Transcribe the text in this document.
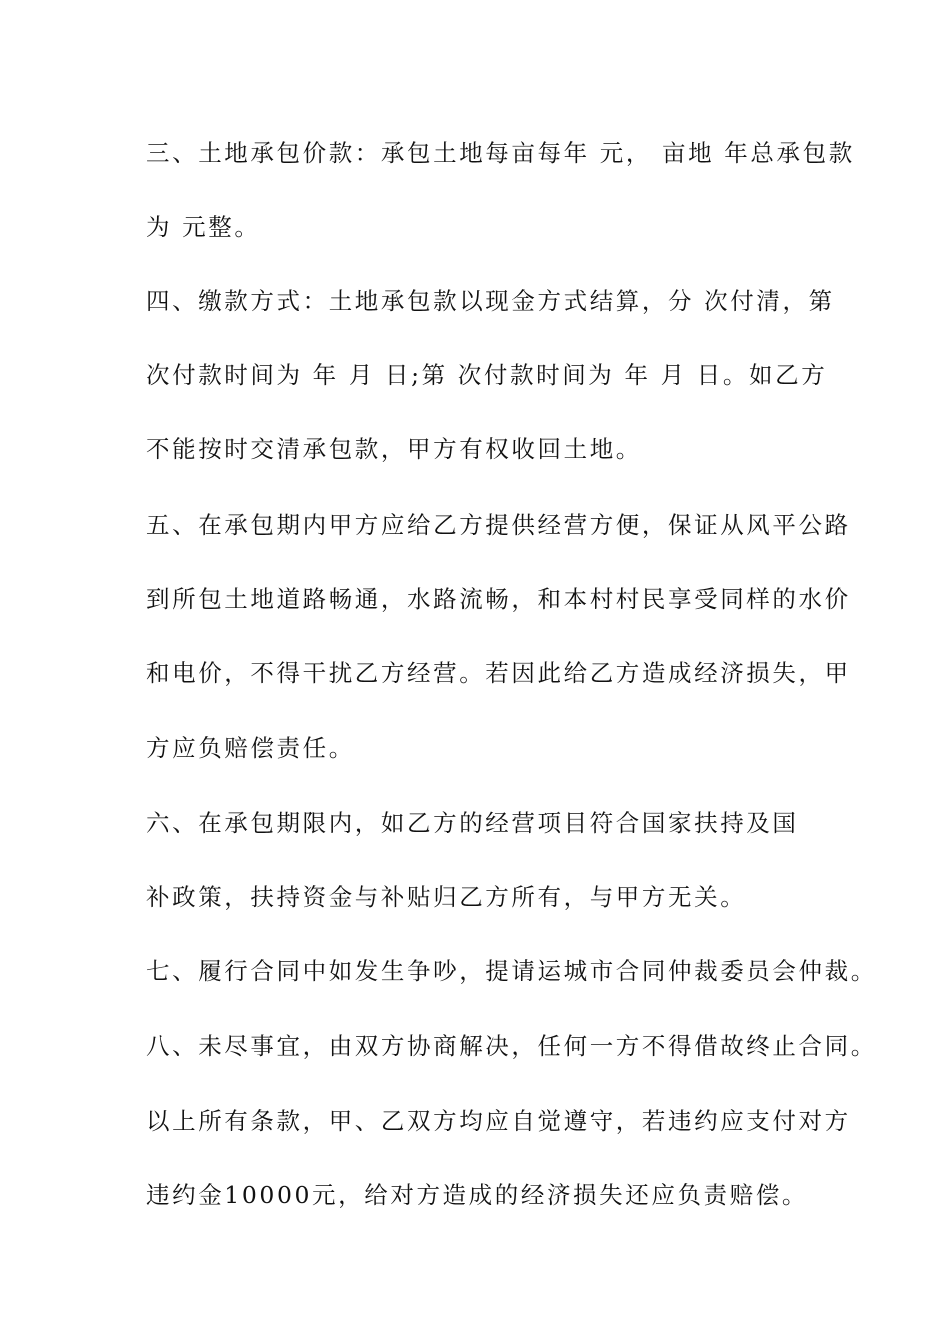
三、土地承包价款：承包土地每亩每年 元， 亩地 年总承包款

为 元整。

四、缴款方式：土地承包款以现金方式结算，分 次付清，第

次付款时间为 年 月 日;第 次付款时间为 年 月 日。如乙方

不能按时交清承包款，甲方有权收回土地。

五、在承包期内甲方应给乙方提供经营方便，保证从风平公路

到所包土地道路畅通，水路流畅，和本村村民享受同样的水价

和电价，不得干扰乙方经营。若因此给乙方造成经济损失，甲

方应负赔偿责任。

六、在承包期限内，如乙方的经营项目符合国家扶持及国

补政策，扶持资金与补贴归乙方所有，与甲方无关。

七、履行合同中如发生争吵，提请运城市合同仲裁委员会仲裁。

八、未尽事宜，由双方协商解决，任何一方不得借故终止合同。

以上所有条款，甲、乙双方均应自觉遵守，若违约应支付对方

违约金10000元，给对方造成的经济损失还应负责赔偿。
